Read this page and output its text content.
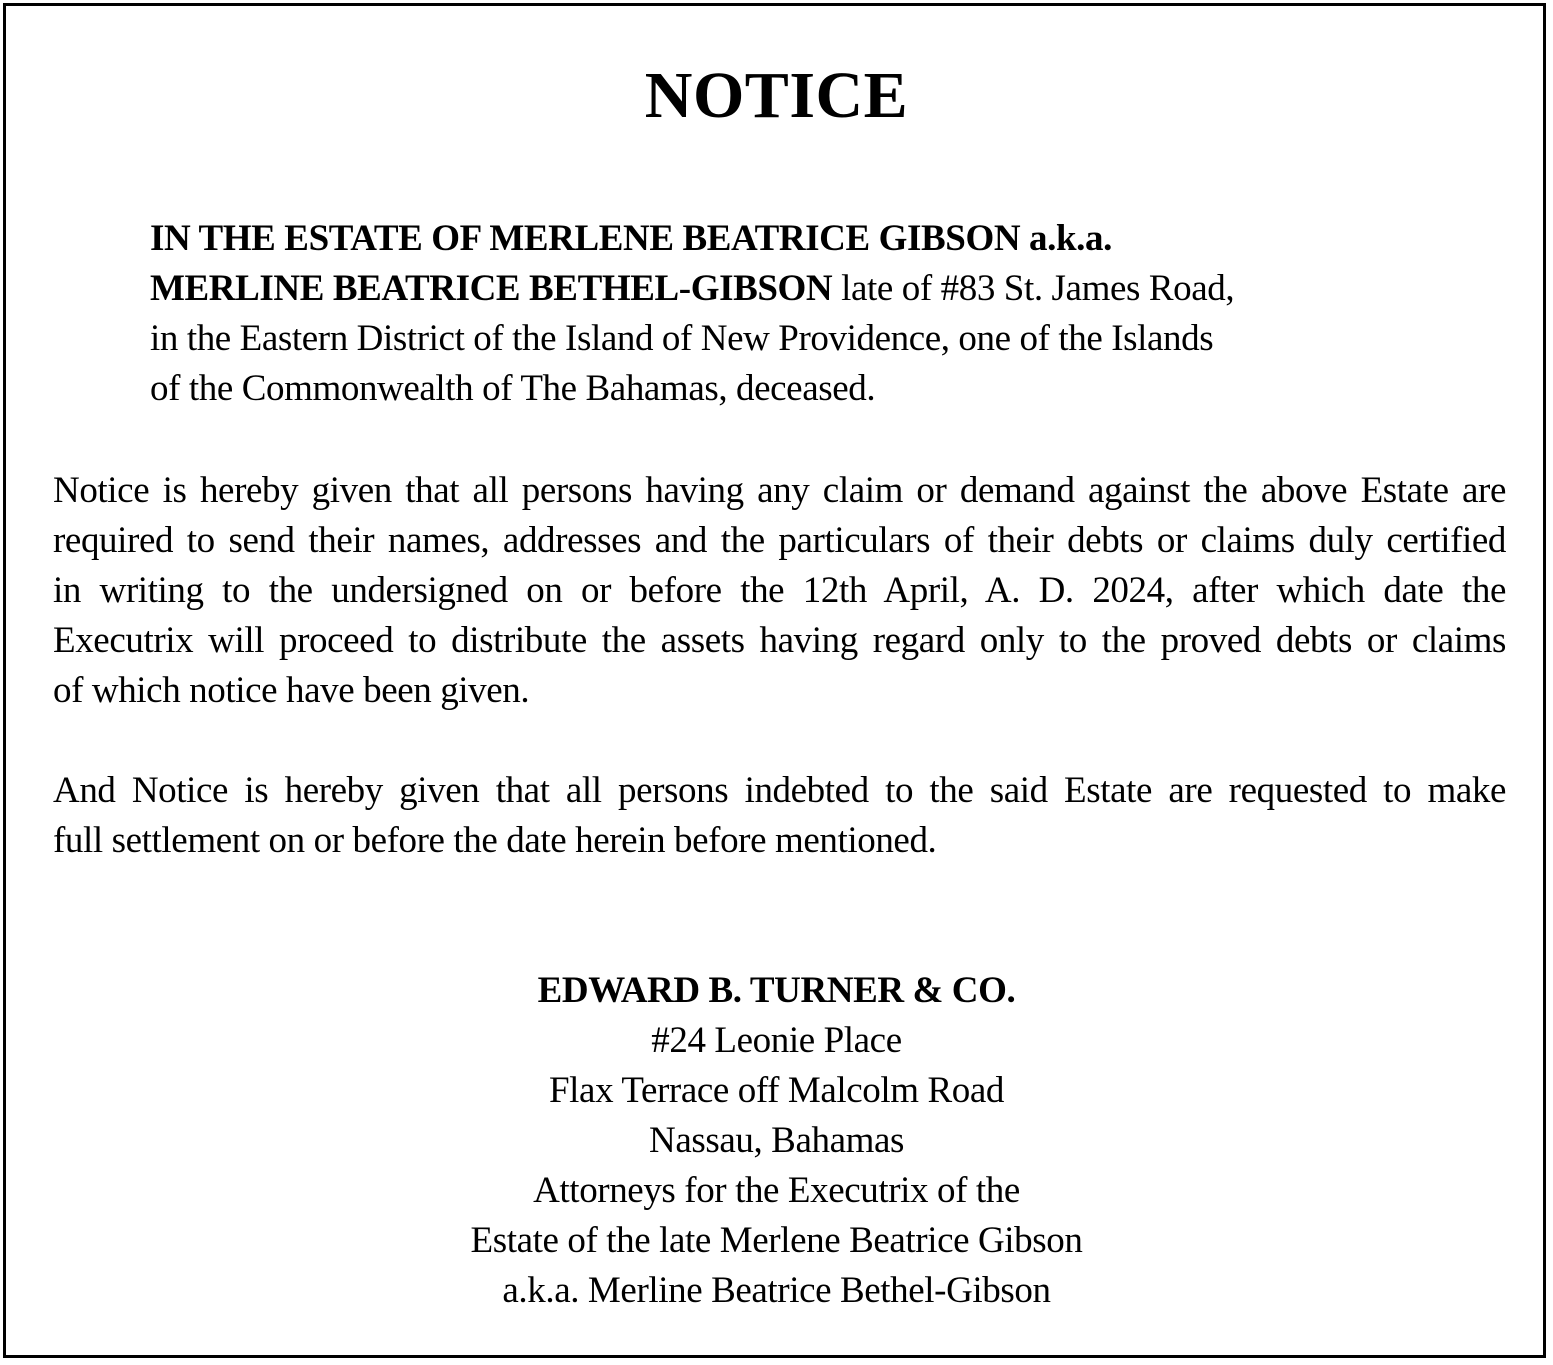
NOTICE
IN THE ESTATE OF MERLENE BEATRICE GIBSON a.k.a.
MERLINE BEATRICE BETHEL-GIBSON late of #83 St. James Road,
in the Eastern District of the Island of New Providence, one of the Islands
of the Commonwealth of The Bahamas, deceased.
Notice is hereby given that all persons having any claim or demand against the above Estate are
required to send their names, addresses and the particulars of their debts or claims duly certified
in writing to the undersigned on or before the 12th April, A. D. 2024, after which date the
Executrix will proceed to distribute the assets having regard only to the proved debts or claims
of which notice have been given.
And Notice is hereby given that all persons indebted to the said Estate are requested to make
full settlement on or before the date herein before mentioned.
EDWARD B. TURNER & CO.
#24 Leonie Place
Flax Terrace off Malcolm Road
Nassau, Bahamas
Attorneys for the Executrix of the
Estate of the late Merlene Beatrice Gibson
a.k.a. Merline Beatrice Bethel-Gibson
